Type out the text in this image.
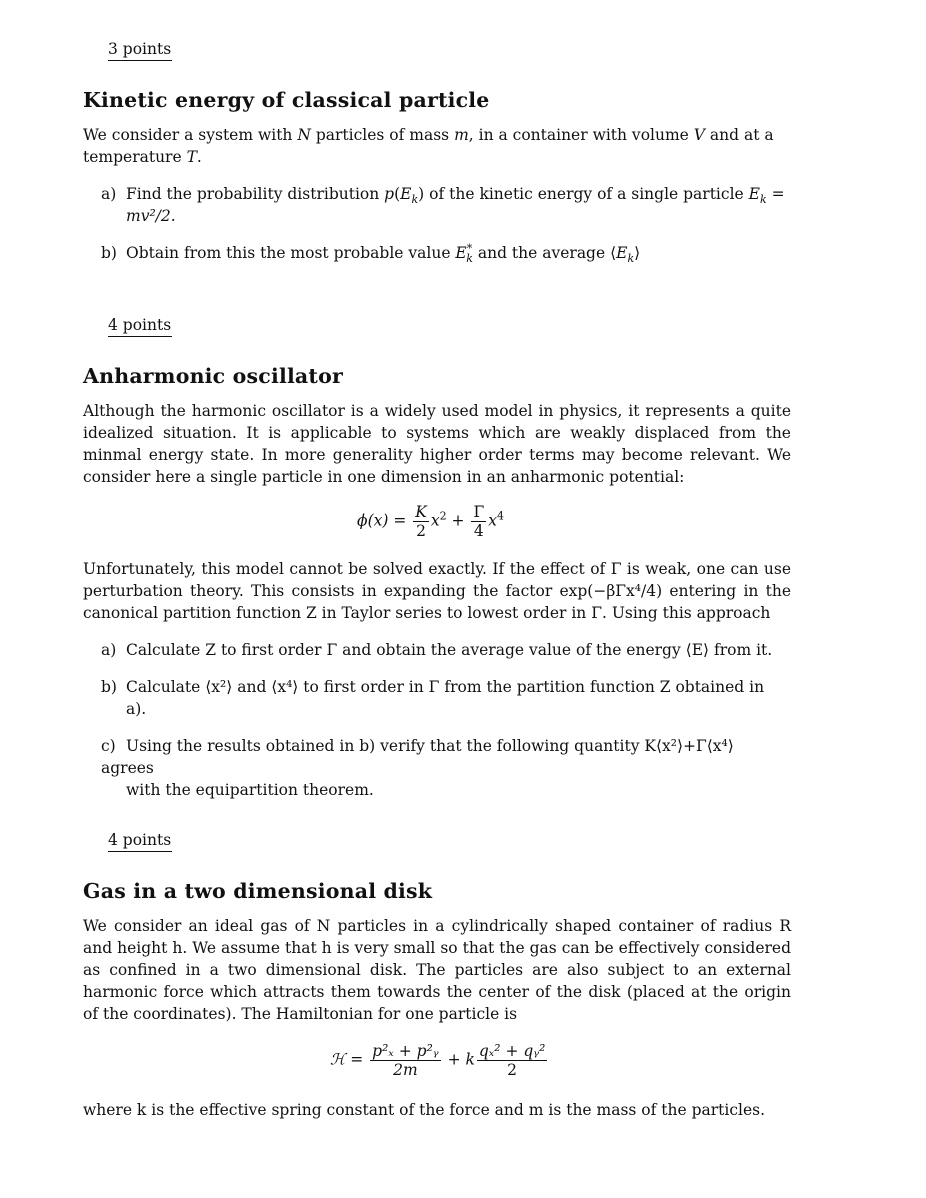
3 points
Kinetic energy of classical particle
We consider a system with N particles of mass m, in a container with volume V and at a
temperature T.
a) Find the probability distribution $p(E_k)$ of the kinetic energy of a single particle $E_k$ =
mv²/2.
b) Obtain from this the most probable value $E^*_k$ and the average $⟨E_k⟩$
4 points
Anharmonic oscillator
Although the harmonic oscillator is a widely used model in physics, it represents a quite idealized situation. It is applicable to systems which are weakly displaced from the minmal energy state. In more generality higher order terms may become relevant. We consider here a single particle in one dimension in an anharmonic potential:
$\phi(x) = \frac{K}{2} x^2 + \frac{\Gamma}{4} x^4$
Unfortunately, this model cannot be solved exactly. If the effect of Γ is weak, one can use perturbation theory. This consists in expanding the factor exp(−βΓx⁴/4) entering in the canonical partition function Z in Taylor series to lowest order in Γ. Using this approach
a) Calculate Z to first order Γ and obtain the average value of the energy ⟨E⟩ from it.
b) Calculate ⟨x²⟩ and ⟨x⁴⟩ to first order in Γ from the partition function Z obtained in
a).
c) Using the results obtained in b) verify that the following quantity K⟨x²⟩+Γ⟨x⁴⟩ agrees
with the equipartition theorem.
4 points
Gas in a two dimensional disk
We consider an ideal gas of N particles in a cylindrically shaped container of radius R and height h. We assume that h is very small so that the gas can be effectively considered as confined in a two dimensional disk. The particles are also subject to an external harmonic force which attracts them towards the center of the disk (placed at the origin of the coordinates). The Hamiltonian for one particle is
ℋ = $\frac{\text{p²ₓ + p²ᵧ}}{2m} + k \frac{\text{qₓ² + qᵧ²}}{2}$
where k is the effective spring constant of the force and m is the mass of the particles.
